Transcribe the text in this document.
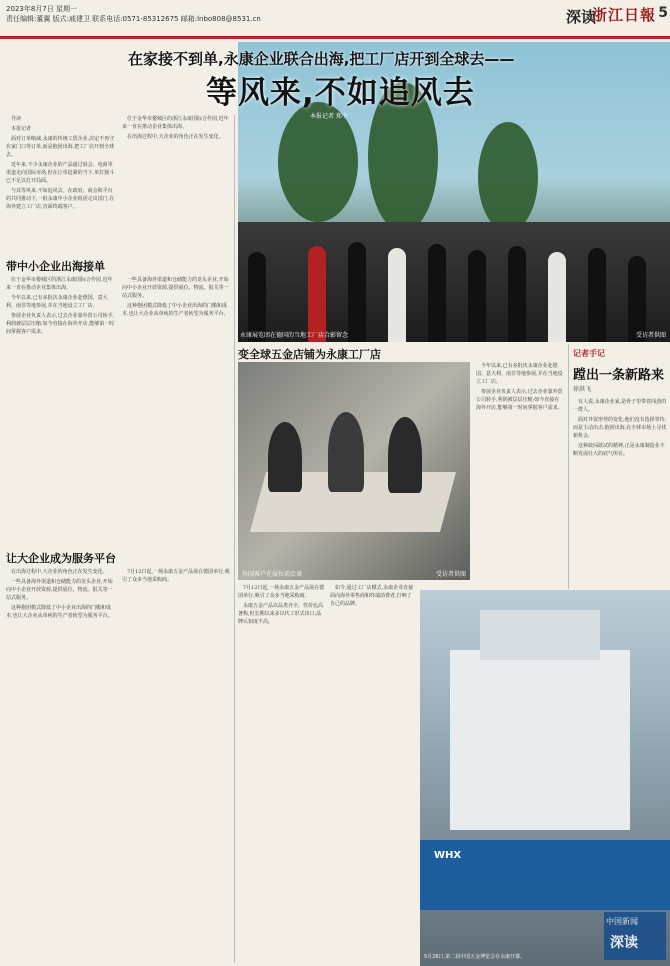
2023年8月7日 星期一
责任编辑:董翼 版式:戚建卫 联系电话:0571-85312675 邮箱:lnbo808@8531.cn	深读
浙江日報 5
永康展览团在德国的当地工厂店合影留念	受访者供图
在家接不到单,永康企业联合出海,把工厂店开到全球去——
等风来,不如追风去
本报记者 郑中

导读

本报记者

面对订单缩减,永康的传统工贸企业,决定不再守在家门口等订单,而是抱团出海,把工厂店开到全球去。

近年来,不少永康企业的产品通过展会、电商等渠道走向国际市场,但在订单趋紧的当下,单打独斗已不足以打开局面。

与其等风来,不如追风去。在政府、商会和平台的共同推动下,一批永康中小企业组团走出国门,在海外建立工厂店,直面终端客户。

位于金华市婺城区的浙江永康国际合作园,近年来一直在推动企业集体出海。

在出海过程中,大企业的角色正在发生变化。

带中小企业出海接单

位于金华市婺城区的浙江永康国际合作园,近年来一直在推动企业集体出海。

今年以来,已有多批次永康企业赴德国、意大利、南非等地参展,并在当地设立工厂店。

参展企业负责人表示,过去企业靠外贸公司转手,利润被层层压缩;如今直接在海外开店,能够第一时间掌握客户需求。

一些具备海外渠道和仓储能力的龙头企业,开始向中小企业开放资源,提供展位、物流、报关等一站式服务。

这种抱团模式降低了中小企业出海的门槛和成本,也让大企业从单纯的生产者转型为服务平台。

让大企业成为服务平台

在出海过程中,大企业的角色正在发生变化。

一些具备海外渠道和仓储能力的龙头企业,开始向中小企业开放资源,提供展位、物流、报关等一站式服务。

这种抱团模式降低了中小企业出海的门槛和成本,也让大企业从单纯的生产者转型为服务平台。

7月12日起,一场永康五金产品展在德国举行,吸引了众多当地采购商。

变全球五金店铺为永康工厂店
外国客户在展位前洽谈	受访者供图

7月12日起,一场永康五金产品展在德国举行,吸引了众多当地采购商。

永康五金产品以品类齐全、性价比高著称,但长期以来多以代工形式出口,品牌认知度不高。

如今,通过工厂店模式,永康企业直接面向海外零售商和终端消费者,打响了自己的品牌。

今年以来,已有多批次永康企业赴德国、意大利、南非等地参展,并在当地设立工厂店。

参展企业负责人表示,过去企业靠外贸公司转手,利润被层层压缩;如今直接在海外开店,能够第一时间掌握客户需求。

记者手记
蹚出一条新路来
徐洪飞

有人说,永康企业家,是骨子里带着闯劲的一群人。

面对外贸形势的变化,他们没有选择等待,而是主动出击,抱团出海,在全球市场上寻找新机会。

这种敢闯敢试的精神,正是永康制造业不断发展壮大的底气所在。

WHX
5月26日,第二届中国五金博览会在永康开幕。
中国新闻
深读
